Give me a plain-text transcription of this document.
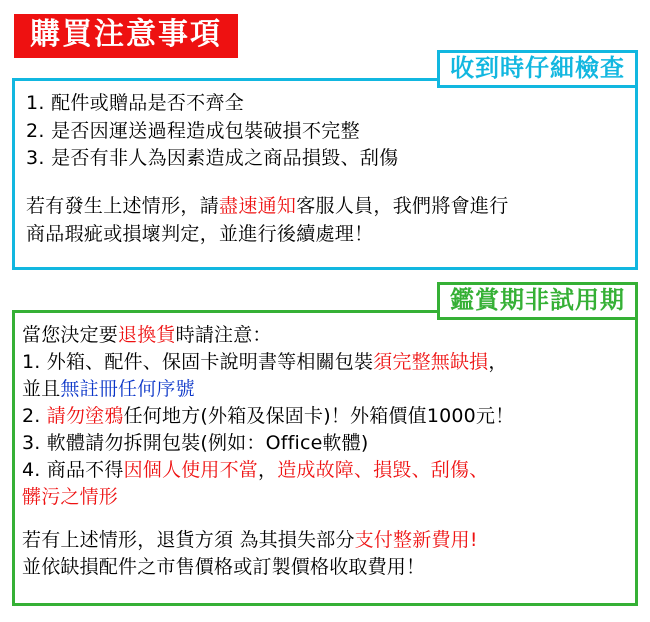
購買注意事項
收到時仔細檢查
1. 配件或贈品是否不齊全
2. 是否因運送過程造成包裝破損不完整
3. 是否有非人為因素造成之商品損毀、刮傷
若有發生上述情形，請盡速通知客服人員，我們將會進行
商品瑕疵或損壞判定，並進行後續處理！
鑑賞期非試用期
當您決定要退換貨時請注意：
1. 外箱、配件、保固卡說明書等相關包裝須完整無缺損，
並且無註冊任何序號
2. 請勿塗鴉任何地方(外箱及保固卡)！外箱價值1000元！
3. 軟體請勿拆開包裝(例如：Office軟體)
4. 商品不得因個人使用不當，造成故障、損毀、刮傷、
髒污之情形
若有上述情形，退貨方須 為其損失部分支付整新費用!
並依缺損配件之市售價格或訂製價格收取費用！
